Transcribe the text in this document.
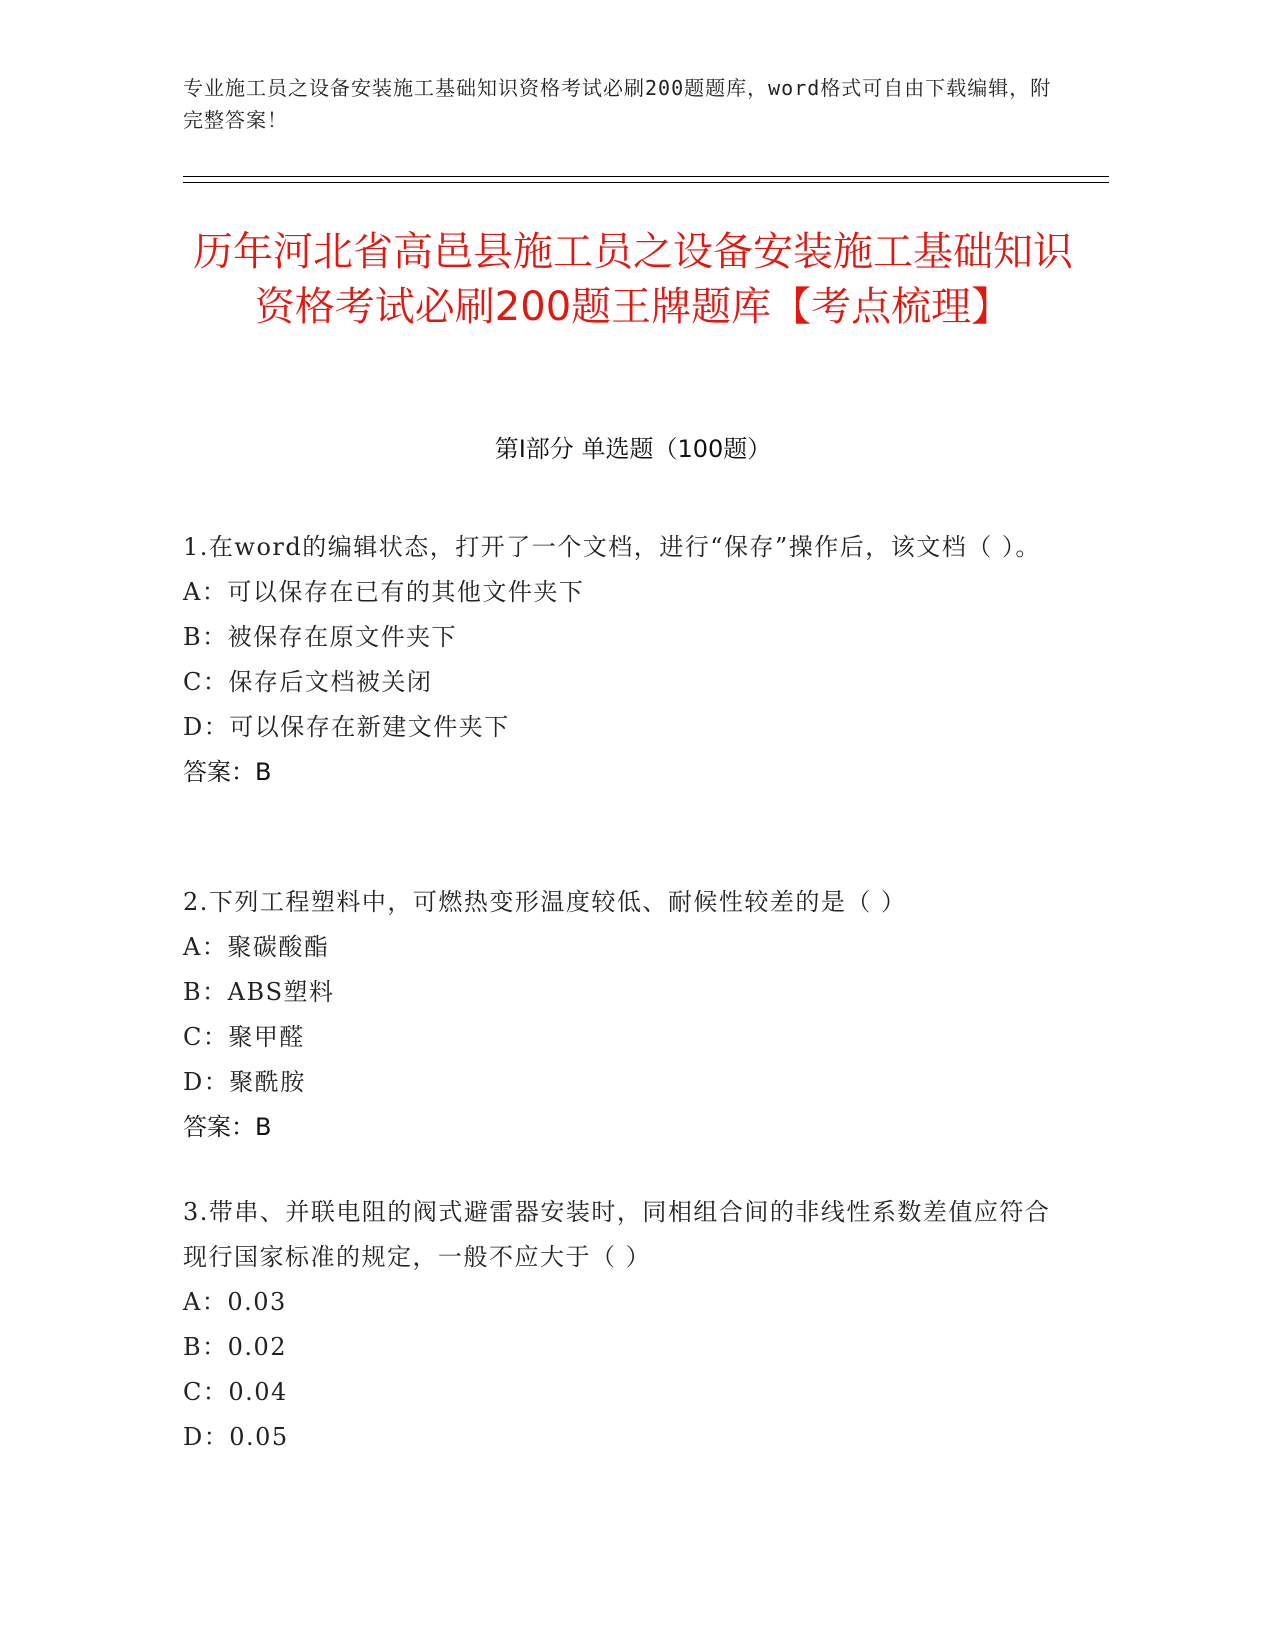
专业施工员之设备安装施工基础知识资格考试必刷200题题库，word格式可自由下载编辑，附完整答案！
历年河北省高邑县施工员之设备安装施工基础知识资格考试必刷200题王牌题库【考点梳理】
第I部分 单选题（100题）
1.在word的编辑状态，打开了一个文档，进行“保存”操作后，该文档（ ）。
A：可以保存在已有的其他文件夹下
B：被保存在原文件夹下
C：保存后文档被关闭
D：可以保存在新建文件夹下
答案：B
2.下列工程塑料中，可燃热变形温度较低、耐候性较差的是（ ）
A：聚碳酸酯
B：ABS塑料
C：聚甲醛
D：聚酰胺
答案：B
3.带串、并联电阻的阀式避雷器安装时，同相组合间的非线性系数差值应符合现行国家标准的规定，一般不应大于（ ）
A：0.03
B：0.02
C：0.04
D：0.05
